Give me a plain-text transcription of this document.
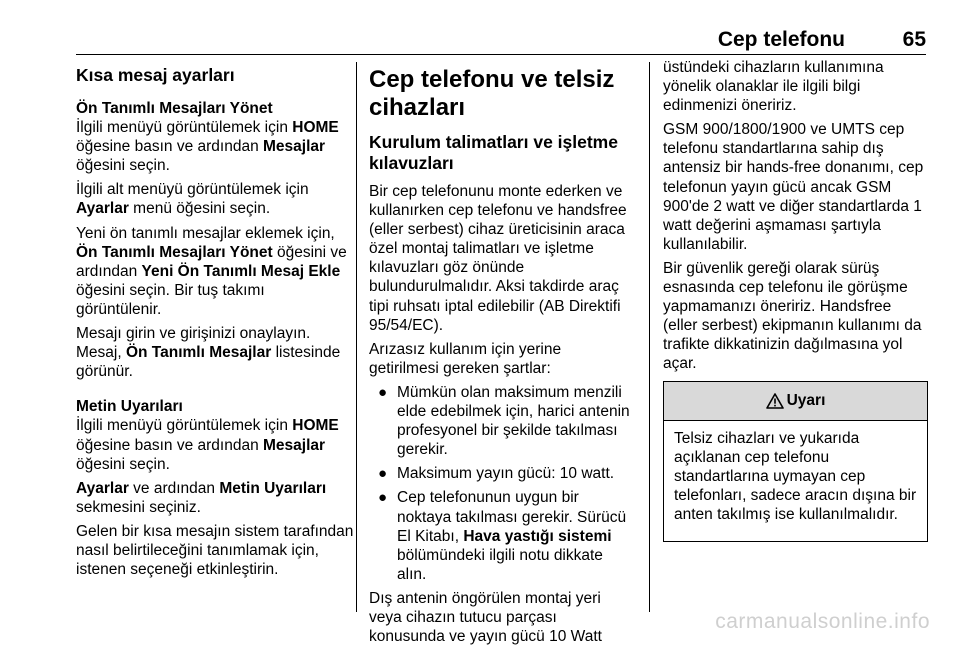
Cep telefonu	65
Kısa mesaj ayarları

Ön Tanımlı Mesajları Yönet

İlgili menüyü görüntülemek için HOME öğesine basın ve ardından Mesajlar öğesini seçin.

İlgili alt menüyü görüntülemek için Ayarlar menü öğesini seçin.

Yeni ön tanımlı mesajlar eklemek için, Ön Tanımlı Mesajları Yönet öğesini ve ardından Yeni Ön Tanımlı Mesaj Ekle öğesini seçin. Bir tuş takımı görüntülenir.

Mesajı girin ve girişinizi onaylayın. Mesaj, Ön Tanımlı Mesajlar listesinde görünür.

Metin Uyarıları

İlgili menüyü görüntülemek için HOME öğesine basın ve ardından Mesajlar öğesini seçin.

Ayarlar ve ardından Metin Uyarıları sekmesini seçiniz.

Gelen bir kısa mesajın sistem tarafından nasıl belirtileceğini tanımlamak için, istenen seçeneği etkinleştirin.

Cep telefonu ve telsiz cihazları
Kurulum talimatları ve işletme kılavuzları

Bir cep telefonunu monte ederken ve kullanırken cep telefonu ve handsfree (eller serbest) cihaz üreticisinin araca özel montaj talimatları ve işletme kılavuzları göz önünde bulundurulmalıdır. Aksi takdirde araç tipi ruhsatı iptal edilebilir (AB Direktifi 95/54/EC).

Arızasız kullanım için yerine getirilmesi gereken şartlar:

● Mümkün olan maksimum menzili elde edebilmek için, harici antenin profesyonel bir şekilde takılması gerekir.
● Maksimum yayın gücü: 10 watt.
● Cep telefonunun uygun bir noktaya takılması gerekir. Sürücü El Kitabı, Hava yastığı sistemi bölümündeki ilgili notu dikkate alın.

Dış antenin öngörülen montaj yeri veya cihazın tutucu parçası konusunda ve yayın gücü 10 Watt

üstündeki cihazların kullanımına yönelik olanaklar ile ilgili bilgi edinmenizi öneririz.

GSM 900/1800/1900 ve UMTS cep telefonu standartlarına sahip dış antensiz bir hands-free donanımı, cep telefonun yayın gücü ancak GSM 900'de 2 watt ve diğer standartlarda 1 watt değerini aşmaması şartıyla kullanılabilir.

Bir güvenlik gereği olarak sürüş esnasında cep telefonu ile görüşme yapmamanızı öneririz. Handsfree (eller serbest) ekipmanın kullanımı da trafikte dikkatinizin dağılmasına yol açar.

Uyarı
Telsiz cihazları ve yukarıda açıklanan cep telefonu standartlarına uymayan cep telefonları, sadece aracın dışına bir anten takılmış ise kullanılmalıdır.
carmanualsonline.info
